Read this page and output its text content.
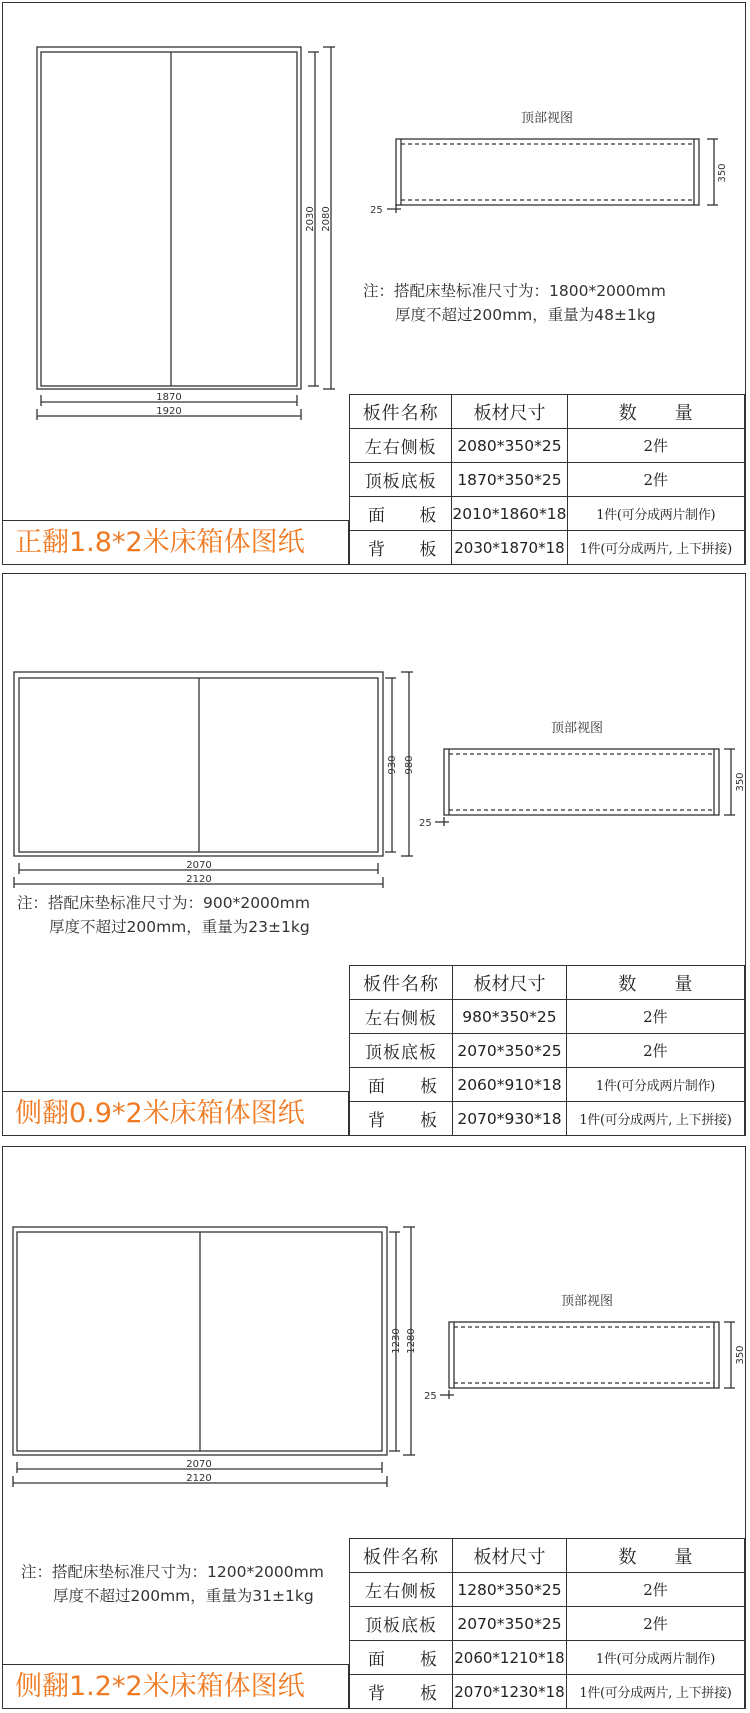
1870
1920
2030 2080
350
25
顶部视图
注：搭配床垫标准尺寸为：1800*2000mm
厚度不超过200mm，重量为48±1kg
板件名称	板材尺寸	数量
左右侧板	2080*350*25	2件
顶板底板	1870*350*25	2件
面板	2010*1860*18	1件(可分成两片制作)
背板	2030*1870*18	1件(可分成两片, 上下拼接)
正翻1.8*2米床箱体图纸
2070
2120
930 980
350
25
顶部视图
注：搭配床垫标准尺寸为：900*2000mm
厚度不超过200mm，重量为23±1kg
板件名称	板材尺寸	数量
左右侧板	980*350*25	2件
顶板底板	2070*350*25	2件
面板	2060*910*18	1件(可分成两片制作)
背板	2070*930*18	1件(可分成两片, 上下拼接)
侧翻0.9*2米床箱体图纸
2070
2120
1230 1280
25
350
顶部视图
注：搭配床垫标准尺寸为：1200*2000mm
厚度不超过200mm，重量为31±1kg
板件名称	板材尺寸	数量
左右侧板	1280*350*25	2件
顶板底板	2070*350*25	2件
面板	2060*1210*18	1件(可分成两片制作)
背板	2070*1230*18	1件(可分成两片, 上下拼接)
侧翻1.2*2米床箱体图纸
